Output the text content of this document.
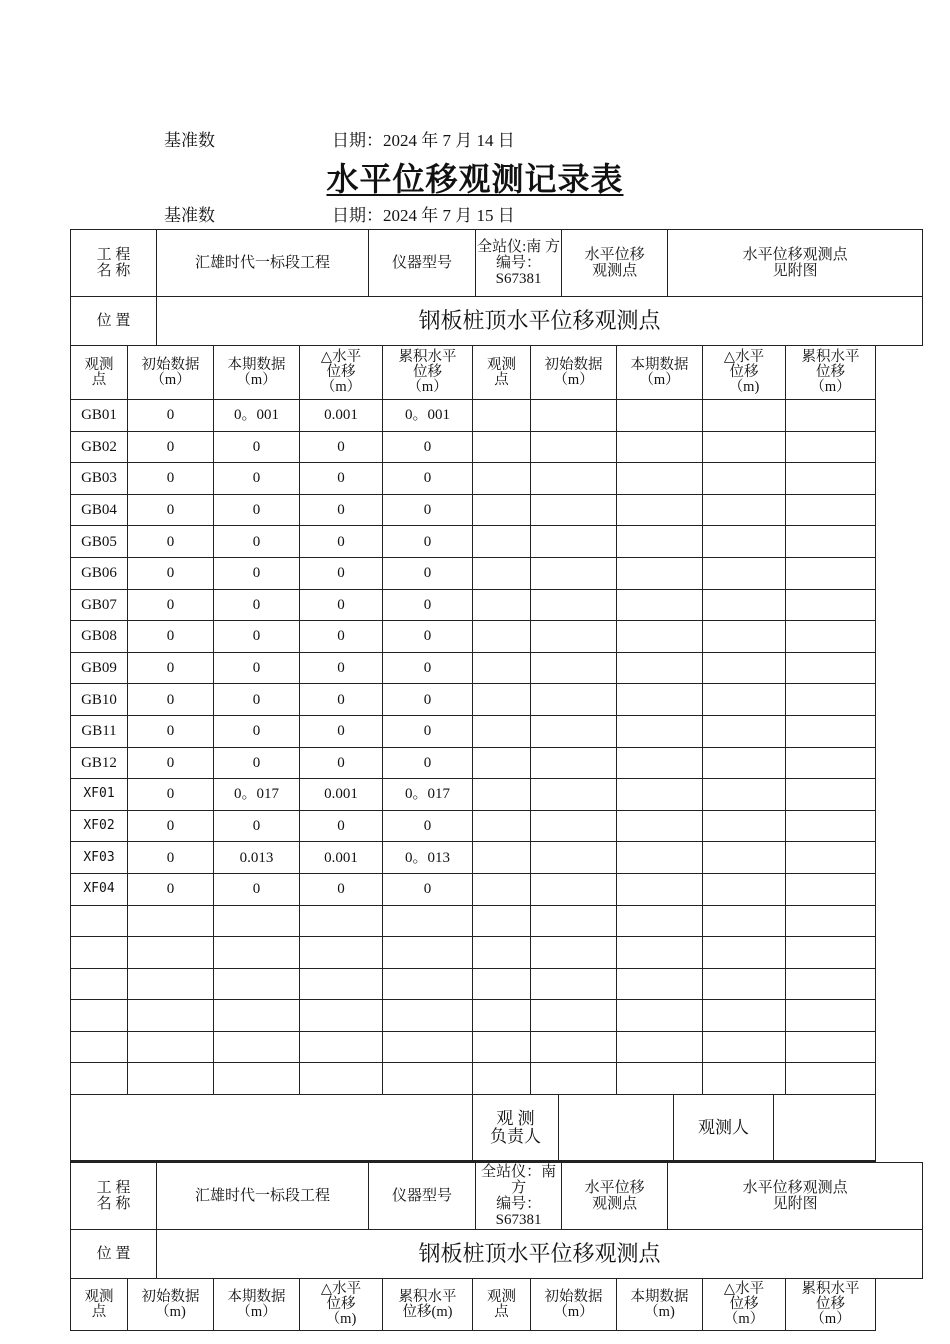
基准数	日期：2024 年 7 月 14 日
水平位移观测记录表
基准数	日期：2024 年 7 月 15 日
工 程
名 称	汇雄时代一标段工程	仪器型号	全站仪:南 方
编号：S67381	水平位移
观测点	水平位移观测点
见附图
位 置	钢板桩顶水平位移观测点				
观测
点	初始数据
（m）	本期数据
（m）	△水平
位移
（m）	累积水平
位移
（m）	观测
点	初始数据
（m）	本期数据
（m）	△水平
位移
（m)	累积水平
位移
（m）
GB01	0	0。001	0.001	0。001					
GB02	0	0	0	0					
GB03	0	0	0	0					
GB04	0	0	0	0					
GB05	0	0	0	0					
GB06	0	0	0	0					
GB07	0	0	0	0					
GB08	0	0	0	0					
GB09	0	0	0	0					
GB10	0	0	0	0					
GB11	0	0	0	0					
GB12	0	0	0	0					
XF01	0	0。017	0.001	0。017					
XF02	0	0	0	0					
XF03	0	0.013	0.001	0。013					
XF04	0	0	0	0					

	观 测
负责人		观测人	
工 程
名 称	汇雄时代一标段工程	仪器型号	全站仪：南 方
编号：S67381	水平位移
观测点	水平位移观测点
见附图
位 置	钢板桩顶水平位移观测点				
观测
点	初始数据
（m)	本期数据
（m）	△水平
位移
（m)	累积水平
位移(m)	观测
点	初始数据
（m）	本期数据
（m)	△水平
位移
（m）	累积水平
位移
（m）
